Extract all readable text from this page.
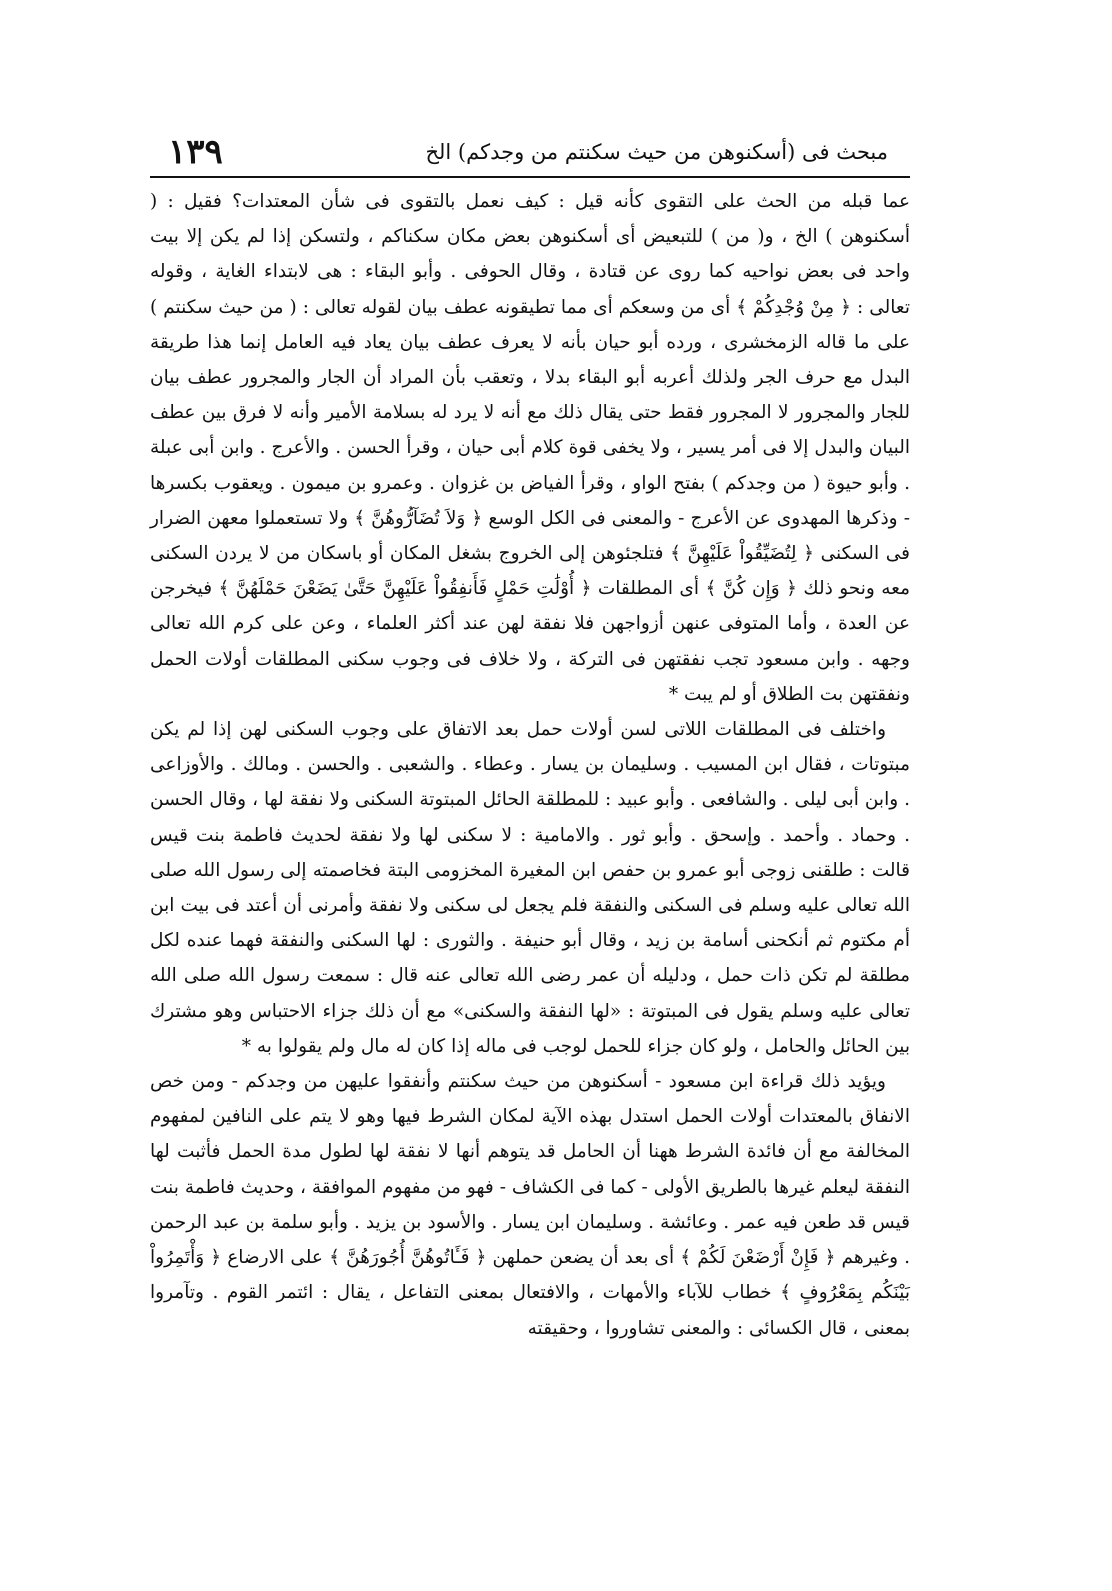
١٣٩	مبحث فى (أسكنوهن من حيث سكنتم من وجدكم) الخ

عما قبله من الحث على التقوى كأنه قيل : كيف نعمل بالتقوى فى شأن المعتدات؟ فقيل : ( أسكنوهن ) الخ ، و( من ) للتبعيض أى أسكنوهن بعض مكان سكناكم ، ولتسكن إذا لم يكن إلا بيت واحد فى بعض نواحيه كما روى عن قتادة ، وقال الحوفى . وأبو البقاء : هى لابتداء الغاية ، وقوله تعالى : ﴿ مِنْ وُجْدِكُمْ ﴾ أى من وسعكم أى مما تطيقونه عطف بيان لقوله تعالى : ( من حيث سكنتم ) على ما قاله الزمخشرى ، ورده أبو حيان بأنه لا يعرف عطف بيان يعاد فيه العامل إنما هذا طريقة البدل مع حرف الجر ولذلك أعربه أبو البقاء بدلا ، وتعقب بأن المراد أن الجار والمجرور عطف بيان للجار والمجرور لا المجرور فقط حتى يقال ذلك مع أنه لا يرد له بسلامة الأمير وأنه لا فرق بين عطف البيان والبدل إلا فى أمر يسير ، ولا يخفى قوة كلام أبى حيان ، وقرأ الحسن . والأعرج . وابن أبى عبلة . وأبو حيوة ( من وجدكم ) بفتح الواو ، وقرأ الفياض بن غزوان . وعمرو بن ميمون . ويعقوب بكسرها - وذكرها المهدوى عن الأعرج - والمعنى فى الكل الوسع ﴿ وَلاَ تُضَآرُّوهُنَّ ﴾ ولا تستعملوا معهن الضرار فى السكنى ﴿ لِتُضَيِّقُواْ عَلَيْهِنَّ ﴾ فتلجئوهن إلى الخروج بشغل المكان أو باسكان من لا يردن السكنى معه ونحو ذلك ﴿ وَإِن كُنَّ ﴾ أى المطلقات ﴿ أُوْلَٰتِ حَمْلٍ فَأَنفِقُواْ عَلَيْهِنَّ حَتَّىٰ يَضَعْنَ حَمْلَهُنَّ ﴾ فيخرجن عن العدة ، وأما المتوفى عنهن أزواجهن فلا نفقة لهن عند أكثر العلماء ، وعن على كرم الله تعالى وجهه . وابن مسعود تجب نفقتهن فى التركة ، ولا خلاف فى وجوب سكنى المطلقات أولات الحمل ونفقتهن بت الطلاق أو لم يبت *

واختلف فى المطلقات اللاتى لسن أولات حمل بعد الاتفاق على وجوب السكنى لهن إذا لم يكن مبتوتات ، فقال ابن المسيب . وسليمان بن يسار . وعطاء . والشعبى . والحسن . ومالك . والأوزاعى . وابن أبى ليلى . والشافعى . وأبو عبيد : للمطلقة الحائل المبتوتة السكنى ولا نفقة لها ، وقال الحسن . وحماد . وأحمد . وإسحق . وأبو ثور . والامامية : لا سكنى لها ولا نفقة لحديث فاطمة بنت قيس قالت : طلقنى زوجى أبو عمرو بن حفص ابن المغيرة المخزومى البتة فخاصمته إلى رسول الله صلى الله تعالى عليه وسلم فى السكنى والنفقة فلم يجعل لى سكنى ولا نفقة وأمرنى أن أعتد فى بيت ابن أم مكتوم ثم أنكحنى أسامة بن زيد ، وقال أبو حنيفة . والثورى : لها السكنى والنفقة فهما عنده لكل مطلقة لم تكن ذات حمل ، ودليله أن عمر رضى الله تعالى عنه قال : سمعت رسول الله صلى الله تعالى عليه وسلم يقول فى المبتوتة : «لها النفقة والسكنى» مع أن ذلك جزاء الاحتباس وهو مشترك بين الحائل والحامل ، ولو كان جزاء للحمل لوجب فى ماله إذا كان له مال ولم يقولوا به *

ويؤيد ذلك قراءة ابن مسعود - أسكنوهن من حيث سكنتم وأنفقوا عليهن من وجدكم - ومن خص الانفاق بالمعتدات أولات الحمل استدل بهذه الآية لمكان الشرط فيها وهو لا يتم على النافين لمفهوم المخالفة مع أن فائدة الشرط ههنا أن الحامل قد يتوهم أنها لا نفقة لها لطول مدة الحمل فأثبت لها النفقة ليعلم غيرها بالطريق الأولى - كما فى الكشاف - فهو من مفهوم الموافقة ، وحديث فاطمة بنت قيس قد طعن فيه عمر . وعائشة . وسليمان ابن يسار . والأسود بن يزيد . وأبو سلمة بن عبد الرحمن . وغيرهم ﴿ فَإِنْ أَرْضَعْنَ لَكُمْ ﴾ أى بعد أن يضعن حملهن ﴿ فَـَٔاتُوهُنَّ أُجُورَهُنَّ ﴾ على الارضاع ﴿ وَأْتَمِرُواْ بَيْنَكُم بِمَعْرُوفٍ ﴾ خطاب للآباء والأمهات ، والافتعال بمعنى التفاعل ، يقال : ائتمر القوم . وتآمروا بمعنى ، قال الكسائى : والمعنى تشاوروا ، وحقيقته
